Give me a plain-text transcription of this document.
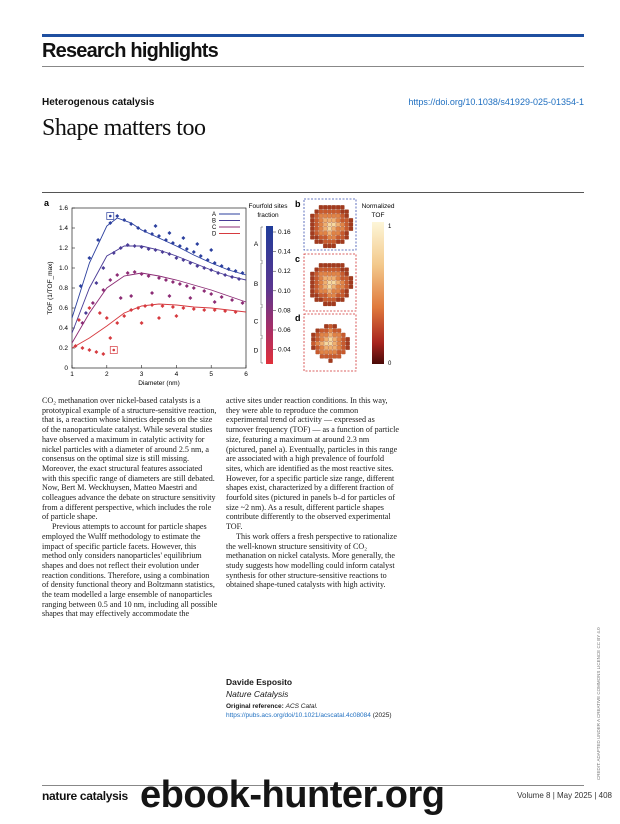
Research highlights
Heterogenous catalysis	https://doi.org/10.1038/s41929-025-01354-1
Shape matters too
a
1	2	3	4	5	6
0
0.2
0.4
0.6
0.8
1.0
1.2
1.4
1.6
Diameter (nm)
TOF (1/TOF_max)
A
B
C
D
Fourfold sites
fraction
0.16
0.14
0.12
0.10
0.08
0.06
0.04
A
B
C
D
b
c
d
Normalized
TOF
1
0

CO₂ methanation over nickel-based catalysts is a prototypical example of a structure-sensitive reaction, that is, a reaction whose kinetics depends on the size of the nanoparticulate catalyst. While several studies have observed a maximum in catalytic activity for nickel particles with a diameter of around 2.5 nm, a consensus on the optimal size is still missing. Moreover, the exact structural features associated with this specific range of diameters are still debated. Now, Bert M. Weckhuysen, Matteo Maestri and colleagues advance the debate on structure sensitivity from a different perspective, which includes the role of particle shape.

Previous attempts to account for particle shapes employed the Wulff methodology to estimate the impact of specific particle facets. However, this method only considers nanoparticles' equilibrium shapes and does not reflect their evolution under reaction conditions. Therefore, using a combination of density functional theory and Boltzmann statistics, the team modelled a large ensemble of nanoparticles ranging between 0.5 and 10 nm, including all possible shapes that may effectively accommodate the

active sites under reaction conditions. In this way, they were able to reproduce the common experimental trend of activity — expressed as turnover frequency (TOF) — as a function of particle size, featuring a maximum at around 2.3 nm (pictured, panel a). Eventually, particles in this range are associated with a high prevalence of fourfold sites, which are identified as the most reactive sites. However, for a specific particle size range, different shapes exist, characterized by a different fraction of fourfold sites (pictured in panels b–d for particles of size ~2 nm). As a result, different particle shapes contribute differently to the observed experimental TOF.

This work offers a fresh perspective to rationalize the well-known structure sensitivity of CO₂ methanation on nickel catalysts. More generally, the study suggests how modelling could inform catalyst synthesis for other structure-sensitive reactions to obtained shape-tuned catalysts with high activity.

Davide Esposito
Nature Catalysis
Original reference: ACS Catal. https://pubs.acs.org/doi/10.1021/acscatal.4c08084 (2025)	CREDIT: ADAPTED UNDER A CREATIVE COMMONS LICENCE CC BY 4.0
nature catalysis	Volume 8 | May 2025 | 408
ebook-hunter.org
